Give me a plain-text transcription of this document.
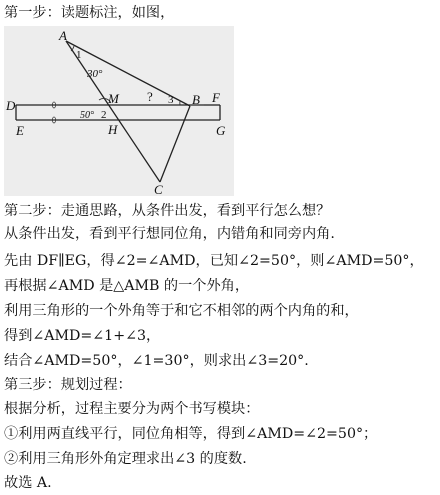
第一步：读题标注，如图，
A
1
30°
D
E
M
50° 2
H
? 3 B F
G
C
第二步：走通思路，从条件出发，看到平行怎么想？
从条件出发，看到平行想同位角，内错角和同旁内角.
先由 DF∥EG，得∠2=∠AMD，已知∠2=50°，则∠AMD=50°，
再根据∠AMD 是△AMB 的一个外角，
利用三角形的一个外角等于和它不相邻的两个内角的和，
得到∠AMD=∠1+∠3，
结合∠AMD=50°，∠1=30°，则求出∠3=20°.
第三步：规划过程：
根据分析，过程主要分为两个书写模块：
①利用两直线平行，同位角相等，得到∠AMD=∠2=50°；
②利用三角形外角定理求出∠3 的度数.
故选 A.
